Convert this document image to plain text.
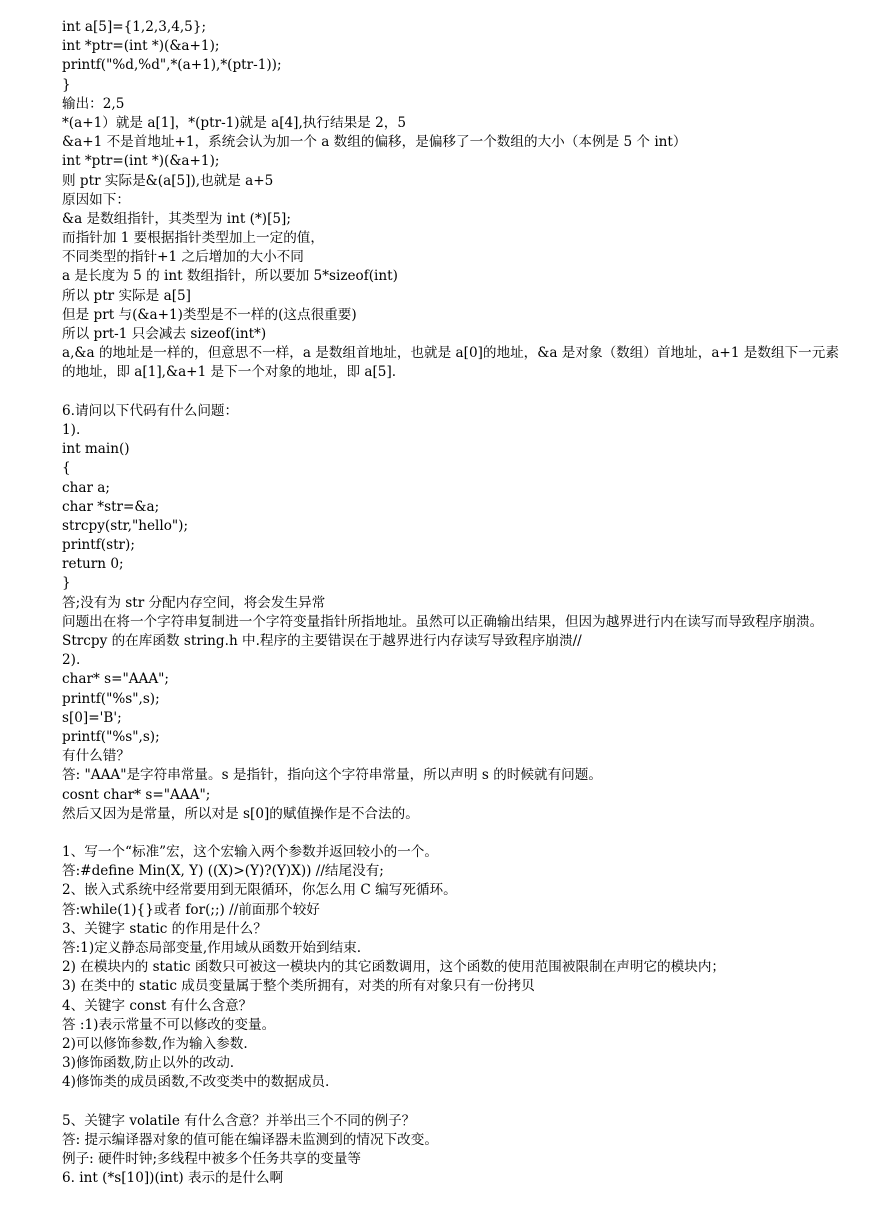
int a[5]={1,2,3,4,5};
int *ptr=(int *)(&a+1);
printf("%d,%d",*(a+1),*(ptr-1));
}
输出：2,5
*(a+1）就是 a[1]，*(ptr-1)就是 a[4],执行结果是 2，5
&a+1 不是首地址+1，系统会认为加一个 a 数组的偏移，是偏移了一个数组的大小（本例是 5 个 int）
int *ptr=(int *)(&a+1);
则 ptr 实际是&(a[5]),也就是 a+5
原因如下：
&a 是数组指针，其类型为 int (*)[5];
而指针加 1 要根据指针类型加上一定的值，
不同类型的指针+1 之后增加的大小不同
a 是长度为 5 的 int 数组指针，所以要加 5*sizeof(int)
所以 ptr 实际是 a[5]
但是 prt 与(&a+1)类型是不一样的(这点很重要)
所以 prt-1 只会减去 sizeof(int*)
a,&a 的地址是一样的，但意思不一样，a 是数组首地址，也就是 a[0]的地址，&a 是对象（数组）首地址，a+1 是数组下一元素的地址，即 a[1],&a+1 是下一个对象的地址，即 a[5].
6.请问以下代码有什么问题：
1).
int main()
{
char a;
char *str=&a;
strcpy(str,"hello");
printf(str);
return 0;
}
答;没有为 str 分配内存空间，将会发生异常
问题出在将一个字符串复制进一个字符变量指针所指地址。虽然可以正确输出结果，但因为越界进行内在读写而导致程序崩溃。
Strcpy 的在库函数 string.h 中.程序的主要错误在于越界进行内存读写导致程序崩溃//
2).
char* s="AAA";
printf("%s",s);
s[0]='B';
printf("%s",s);
有什么错？
答: "AAA"是字符串常量。s 是指针，指向这个字符串常量，所以声明 s 的时候就有问题。
cosnt char* s="AAA";
然后又因为是常量，所以对是 s[0]的赋值操作是不合法的。
1、写一个“标准”宏，这个宏输入两个参数并返回较小的一个。
答:#define Min(X, Y) ((X)>(Y)?(Y)X)) //结尾没有;
2、嵌入式系统中经常要用到无限循环，你怎么用 C 编写死循环。
答:while(1){}或者 for(;;) //前面那个较好
3、关键字 static 的作用是什么？
答:1)定义静态局部变量,作用域从函数开始到结束.
2) 在模块内的 static 函数只可被这一模块内的其它函数调用，这个函数的使用范围被限制在声明它的模块内；
3) 在类中的 static 成员变量属于整个类所拥有，对类的所有对象只有一份拷贝
4、关键字 const 有什么含意？
答 :1)表示常量不可以修改的变量。
2)可以修饰参数,作为输入参数.
3)修饰函数,防止以外的改动.
4)修饰类的成员函数,不改变类中的数据成员.
5、关键字 volatile 有什么含意？并举出三个不同的例子？
答: 提示编译器对象的值可能在编译器未监测到的情况下改变。
例子: 硬件时钟;多线程中被多个任务共享的变量等
6. int (*s[10])(int) 表示的是什么啊
